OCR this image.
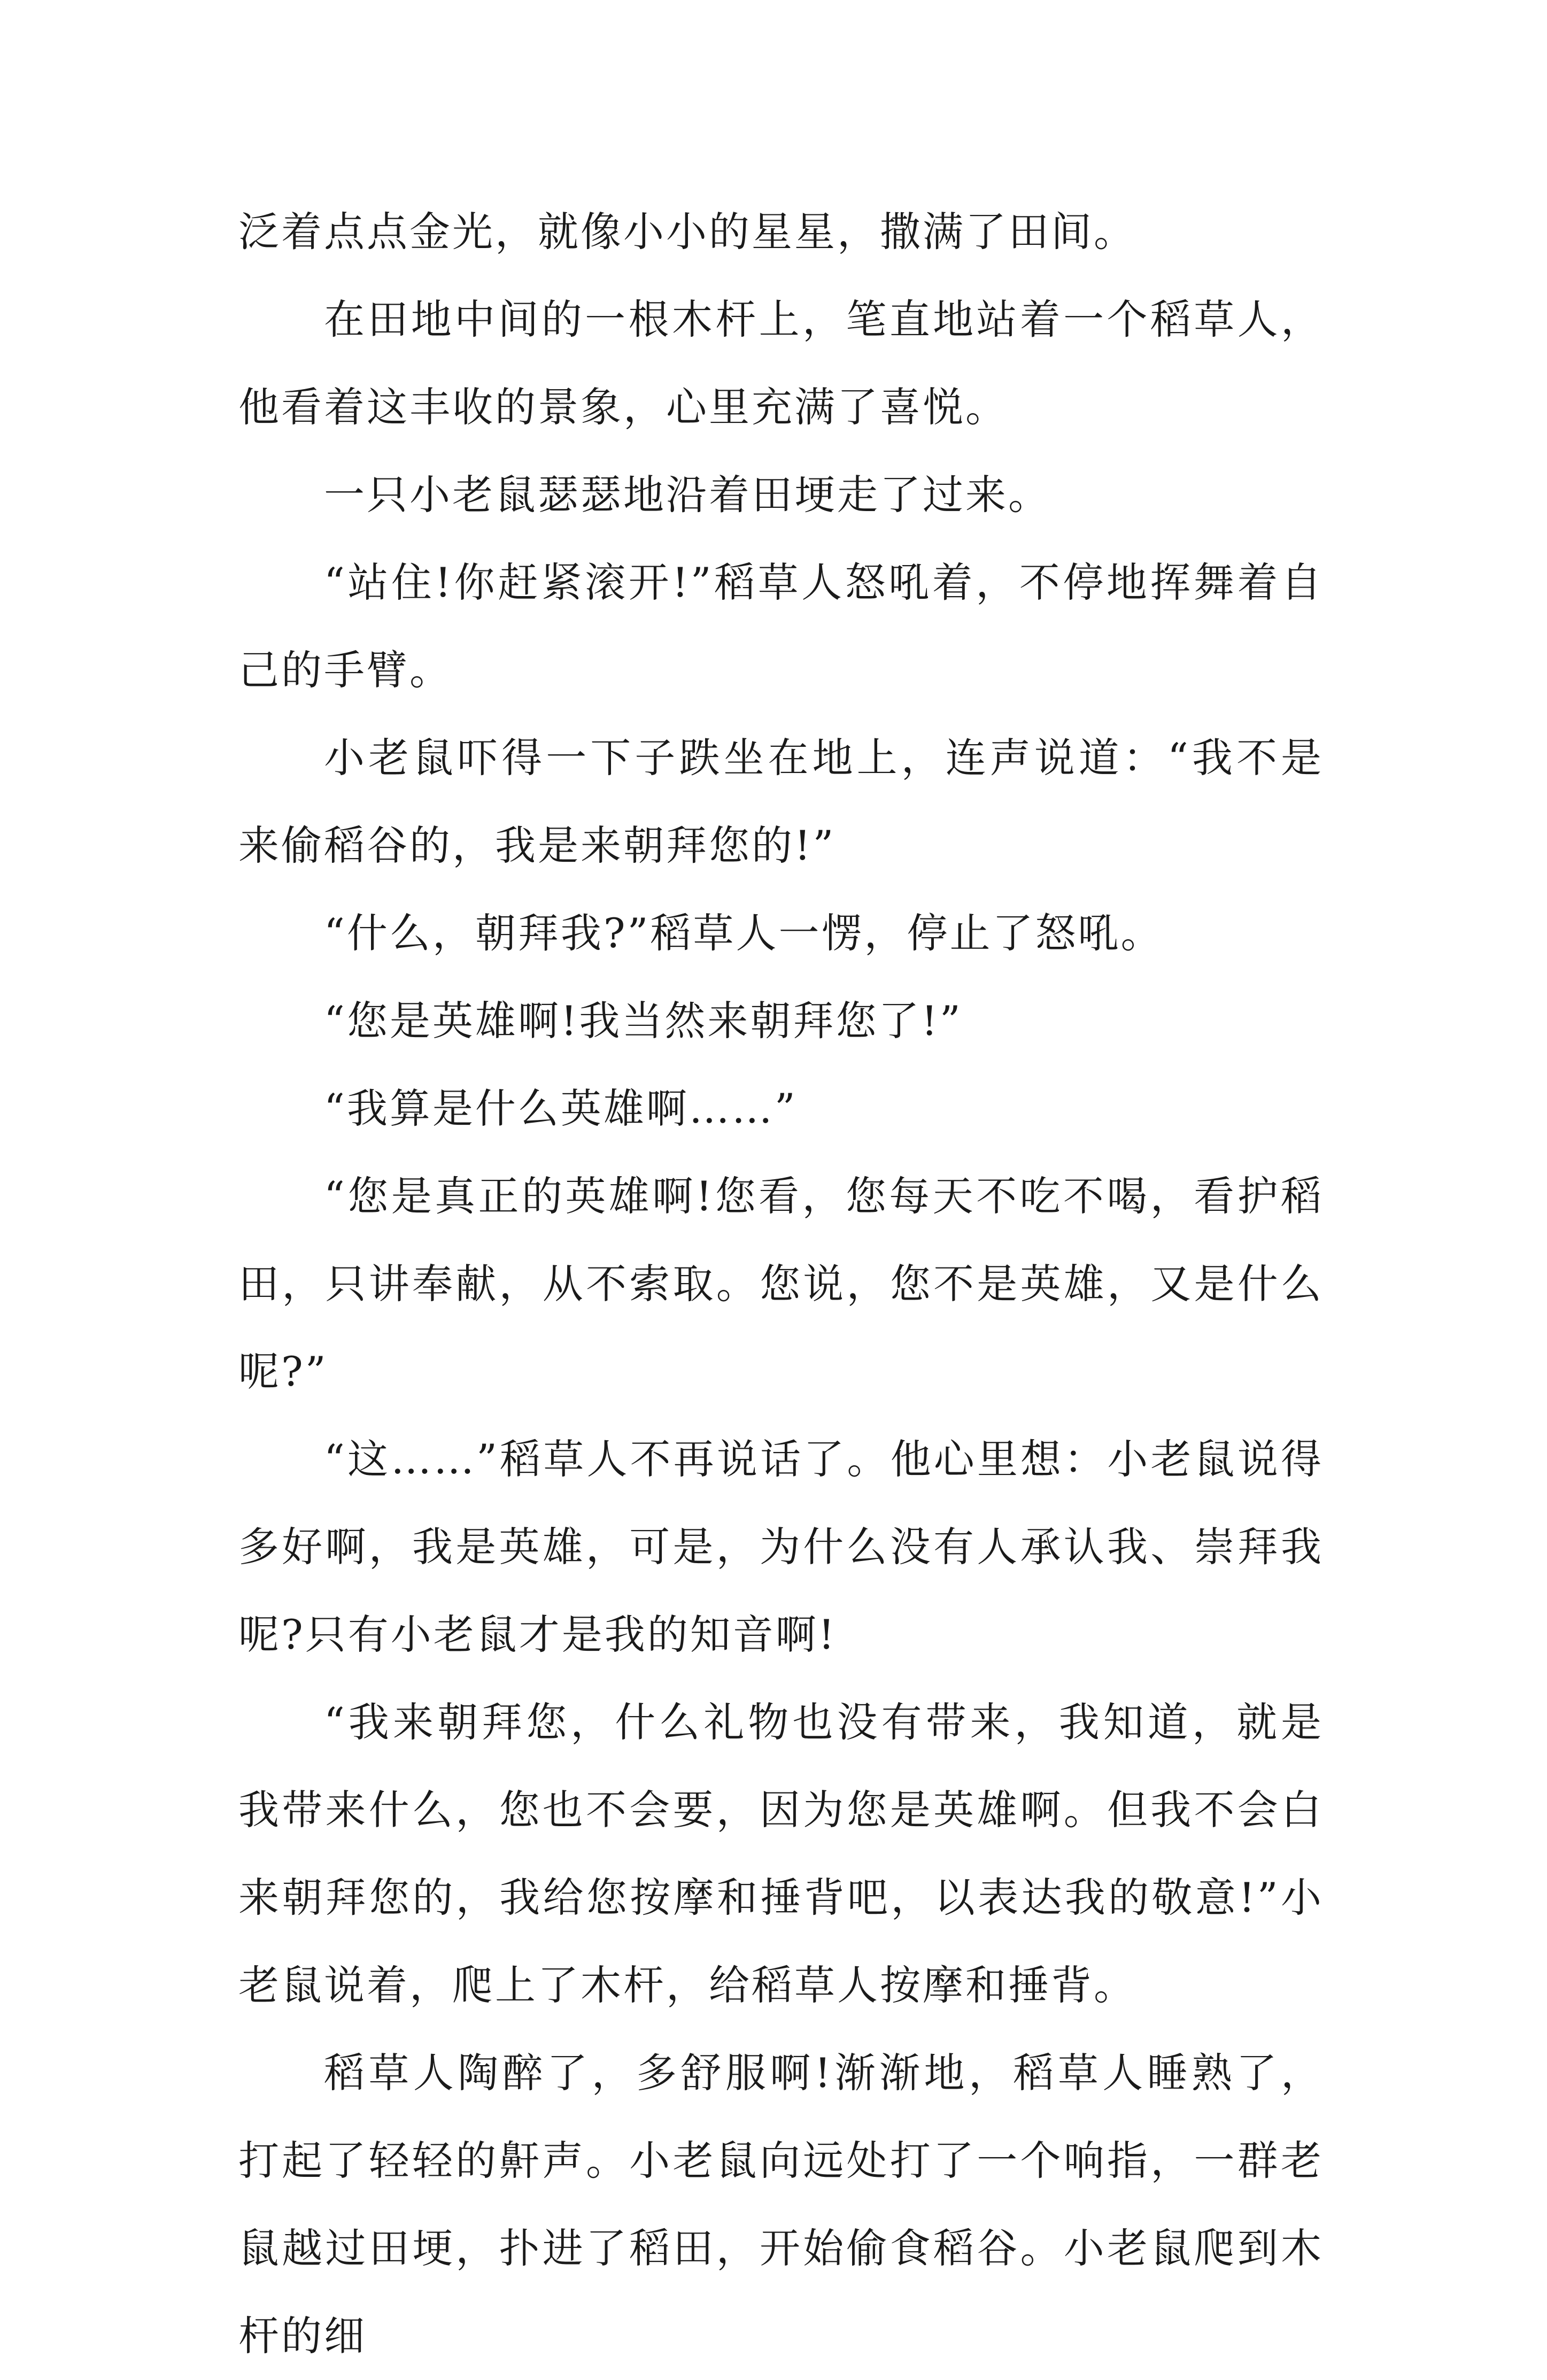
泛着点点金光，就像小小的星星，撒满了田间。

在田地中间的一根木杆上，笔直地站着一个稻草人，他看着这丰收的景象，心里充满了喜悦。

一只小老鼠瑟瑟地沿着田埂走了过来。

“站住!你赶紧滚开!”稻草人怒吼着，不停地挥舞着自己的手臂。

小老鼠吓得一下子跌坐在地上，连声说道：“我不是来偷稻谷的，我是来朝拜您的!”

“什么，朝拜我?”稻草人一愣，停止了怒吼。

“您是英雄啊!我当然来朝拜您了!”

“我算是什么英雄啊……”

“您是真正的英雄啊!您看，您每天不吃不喝，看护稻田，只讲奉献，从不索取。您说，您不是英雄，又是什么呢?”

“这……”稻草人不再说话了。他心里想：小老鼠说得多好啊，我是英雄，可是，为什么没有人承认我、崇拜我呢?只有小老鼠才是我的知音啊!

“我来朝拜您，什么礼物也没有带来，我知道，就是我带来什么，您也不会要，因为您是英雄啊。但我不会白来朝拜您的，我给您按摩和捶背吧，以表达我的敬意!”小老鼠说着，爬上了木杆，给稻草人按摩和捶背。

稻草人陶醉了，多舒服啊!渐渐地，稻草人睡熟了，打起了轻轻的鼾声。小老鼠向远处打了一个响指，一群老鼠越过田埂，扑进了稻田，开始偷食稻谷。小老鼠爬到木杆的细
